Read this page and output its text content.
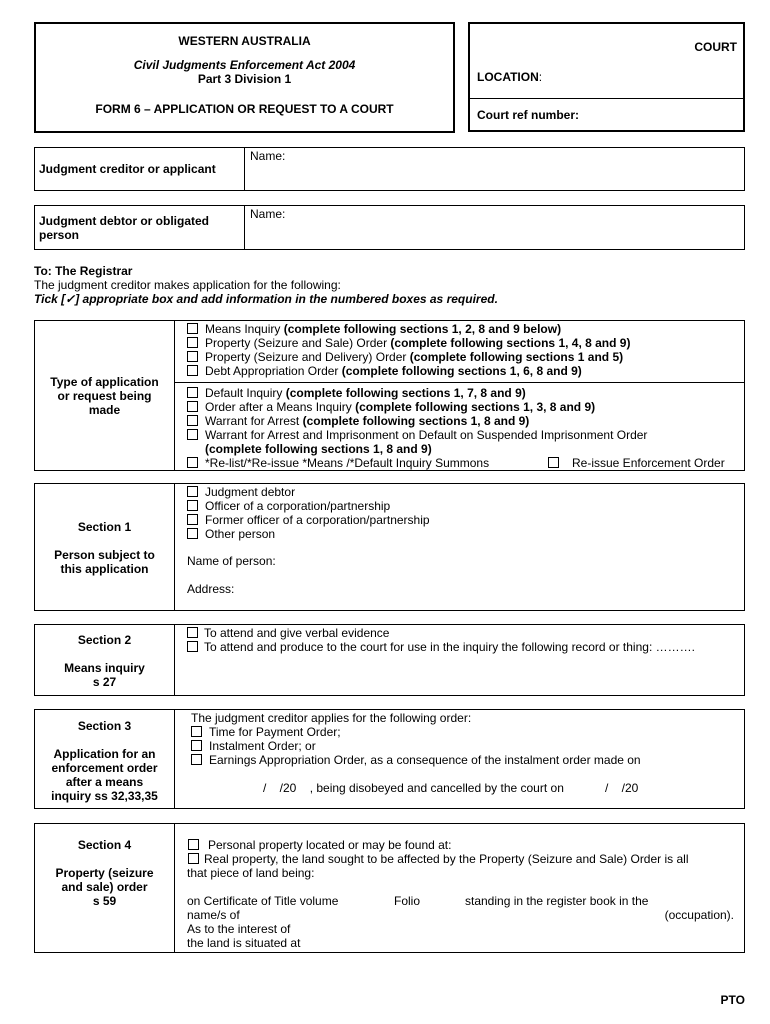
WESTERN AUSTRALIA
Civil Judgments Enforcement Act 2004
Part 3 Division 1
FORM 6 – APPLICATION OR REQUEST TO A COURT
COURT
LOCATION:
Court ref number:
Judgment creditor or applicant
Name:
Judgment debtor or obligated
person
Name:
To: The Registrar
The judgment creditor makes application for the following:
Tick [✓] appropriate box and add information in the numbered boxes as required.
Type of application
or request being
made
Means Inquiry (complete following sections 1, 2, 8 and 9 below)
Property (Seizure and Sale) Order (complete following sections 1, 4, 8 and 9)
Property (Seizure and Delivery) Order (complete following sections 1 and 5)
Debt Appropriation Order (complete following sections 1, 6, 8 and 9)
Default Inquiry (complete following sections 1, 7, 8 and 9)
Order after a Means Inquiry (complete following sections 1, 3, 8 and 9)
Warrant for Arrest (complete following sections 1, 8 and 9)
Warrant for Arrest and Imprisonment on Default on Suspended Imprisonment Order
(complete following sections 1, 8 and 9)
*Re-list/*Re-issue *Means /*Default Inquiry Summons	Re-issue Enforcement Order
Section 1
Person subject to
this application
Judgment debtor
Officer of a corporation/partnership
Former officer of a corporation/partnership
Other person
Name of person:
Address:
Section 2
Means inquiry
s 27
To attend and give verbal evidence
To attend and produce to the court for use in the inquiry the following record or thing: ……….
Section 3
Application for an
enforcement order
after a means
inquiry ss 32,33,35
The judgment creditor applies for the following order:
Time for Payment Order;
Instalment Order; or
Earnings Appropriation Order, as a consequence of the instalment order made on
/    /20    , being disobeyed and cancelled by the court on	/    /20
Section 4
Property (seizure
and sale) order
s 59
Personal property located or may be found at:
Real property, the land sought to be affected by the Property (Seizure and Sale) Order is all
that piece of land being:
on Certificate of Title volume	Folio	standing in the register book in the
name/s of	(occupation).
As to the interest of
the land is situated at
PTO
